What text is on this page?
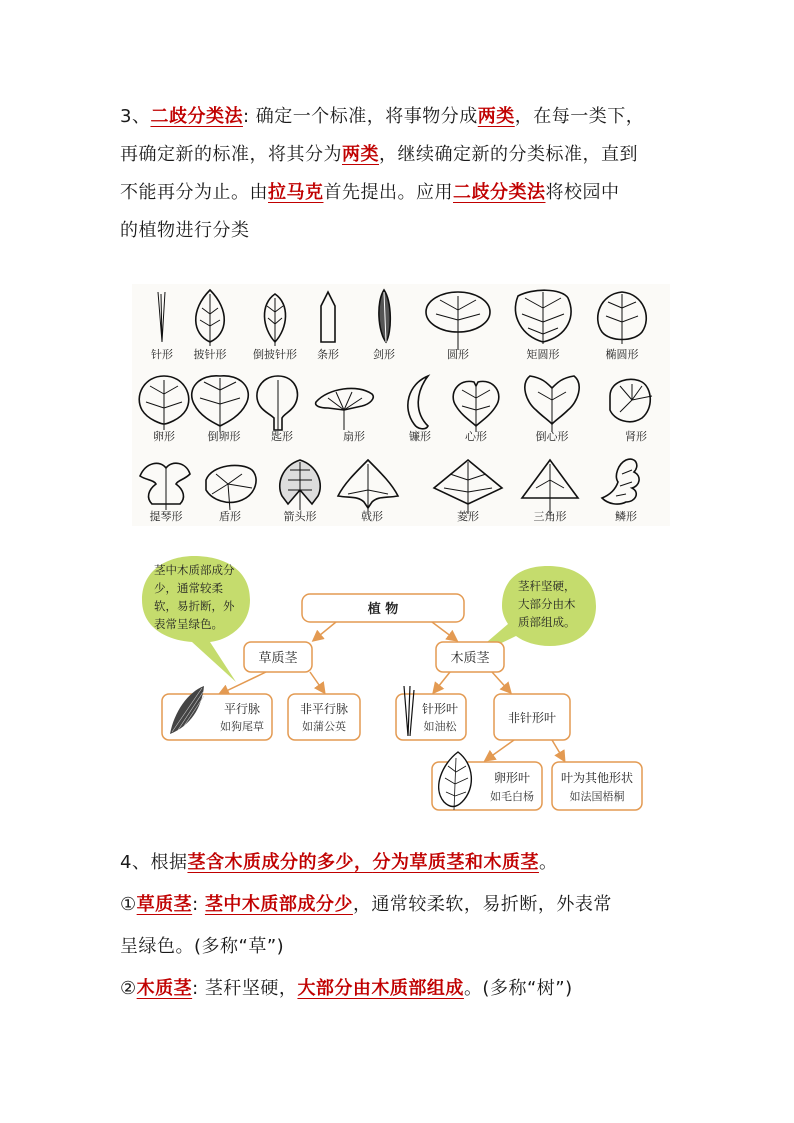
3、二歧分类法: 确定一个标准，将事物分成两类，在每一类下，
再确定新的标准，将其分为两类，继续确定新的分类标准，直到
不能再分为止。由拉马克首先提出。应用二歧分类法将校园中
的植物进行分类
针形 披针形 倒披针形 条形	剑形	圆形	矩圆形	椭圆形
卵形	倒卵形	匙形	扇形	镰形	心形	倒心形	肾形
提琴形	盾形	箭头形	戟形	菱形	三角形	鳞形
茎中木质部成分
少，通常较柔
软，易折断，外
表常呈绿色。
茎秆坚硬，
大部分由木
质部组成。
植 物
草质茎	木质茎
平行脉
如狗尾草
非平行脉
如蒲公英
针形叶
如油松
非针形叶
卵形叶
如毛白杨
叶为其他形状
如法国梧桐
4、根据茎含木质成分的多少，分为草质茎和木质茎。
①草质茎: 茎中木质部成分少，通常较柔软，易折断，外表常
呈绿色。(多称“草”)
②木质茎: 茎秆坚硬，大部分由木质部组成。(多称“树”)
